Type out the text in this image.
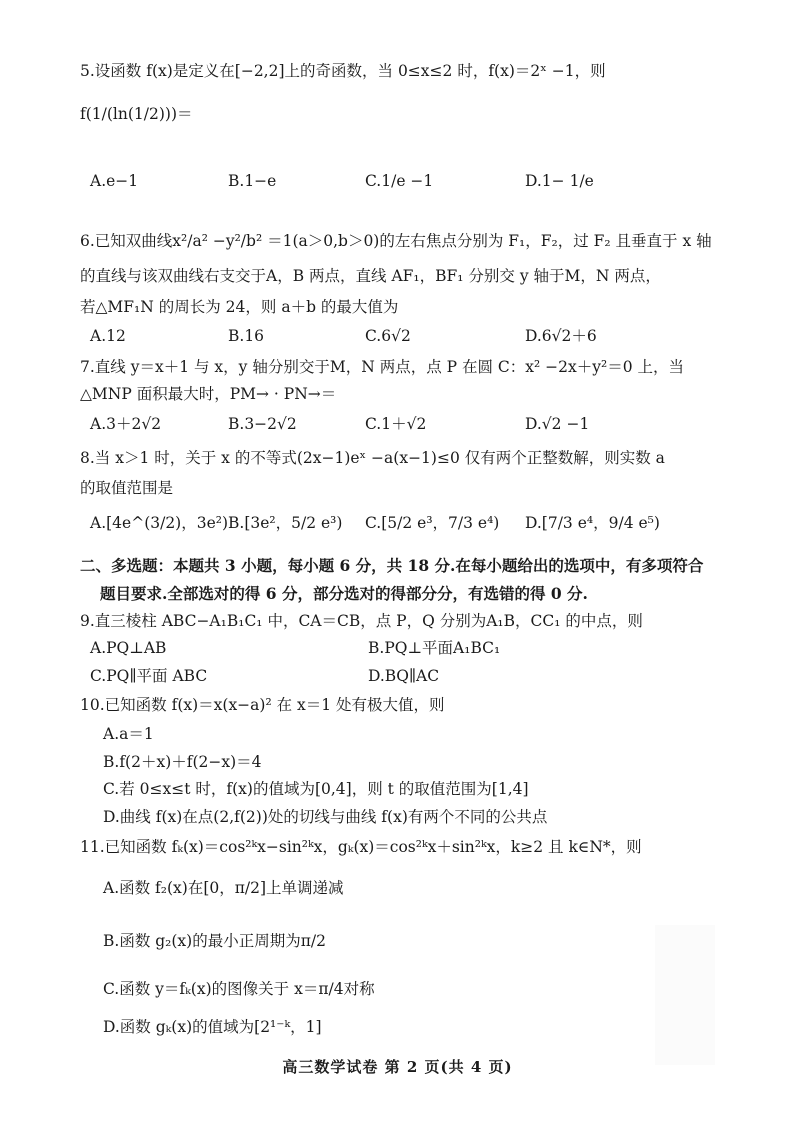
5.设函数 f(x)是定义在[−2,2]上的奇函数，当 0≤x≤2 时，f(x)＝2ˣ −1，则
f(1/(ln(1/2)))＝
A.e−1	B.1−e	C.1/e −1	D.1− 1/e
6.已知双曲线x²/a² −y²/b² ＝1(a＞0,b＞0)的左右焦点分别为 F₁，F₂，过 F₂ 且垂直于 x 轴
的直线与该双曲线右支交于A，B 两点，直线 AF₁，BF₁ 分别交 y 轴于M，N 两点，
若△MF₁N 的周长为 24，则 a＋b 的最大值为
A.12	B.16	C.6√2	D.6√2＋6
7.直线 y＝x＋1 与 x，y 轴分别交于M，N 两点，点 P 在圆 C：x² −2x＋y²＝0 上，当
△MNP 面积最大时，PM→ · PN→＝
A.3＋2√2	B.3−2√2	C.1＋√2	D.√2 −1
8.当 x＞1 时，关于 x 的不等式(2x−1)eˣ −a(x−1)≤0 仅有两个正整数解，则实数 a
的取值范围是
A.[4e^(3/2)，3e²) B.[3e²，5/2 e³) C.[5/2 e³，7/3 e⁴) D.[7/3 e⁴，9/4 e⁵)
二、多选题：本题共 3 小题，每小题 6 分，共 18 分.在每小题给出的选项中，有多项符合
题目要求.全部选对的得 6 分，部分选对的得部分分，有选错的得 0 分.
9.直三棱柱 ABC−A₁B₁C₁ 中，CA＝CB，点 P，Q 分别为A₁B，CC₁ 的中点，则
A.PQ⊥AB	B.PQ⊥平面A₁BC₁
C.PQ∥平面 ABC	D.BQ∥AC
10.已知函数 f(x)＝x(x−a)² 在 x＝1 处有极大值，则
A.a＝1
B.f(2＋x)＋f(2−x)＝4
C.若 0≤x≤t 时，f(x)的值域为[0,4]，则 t 的取值范围为[1,4]
D.曲线 f(x)在点(2,f(2))处的切线与曲线 f(x)有两个不同的公共点
11.已知函数 fₖ(x)＝cos²ᵏx−sin²ᵏx，gₖ(x)＝cos²ᵏx＋sin²ᵏx，k≥2 且 k∈N*，则
A.函数 f₂(x)在[0，π/2]上单调递减
B.函数 g₂(x)的最小正周期为π/2
C.函数 y＝fₖ(x)的图像关于 x＝π/4对称
D.函数 gₖ(x)的值域为[2¹⁻ᵏ，1]
高三数学试卷 第 2 页(共 4 页)
